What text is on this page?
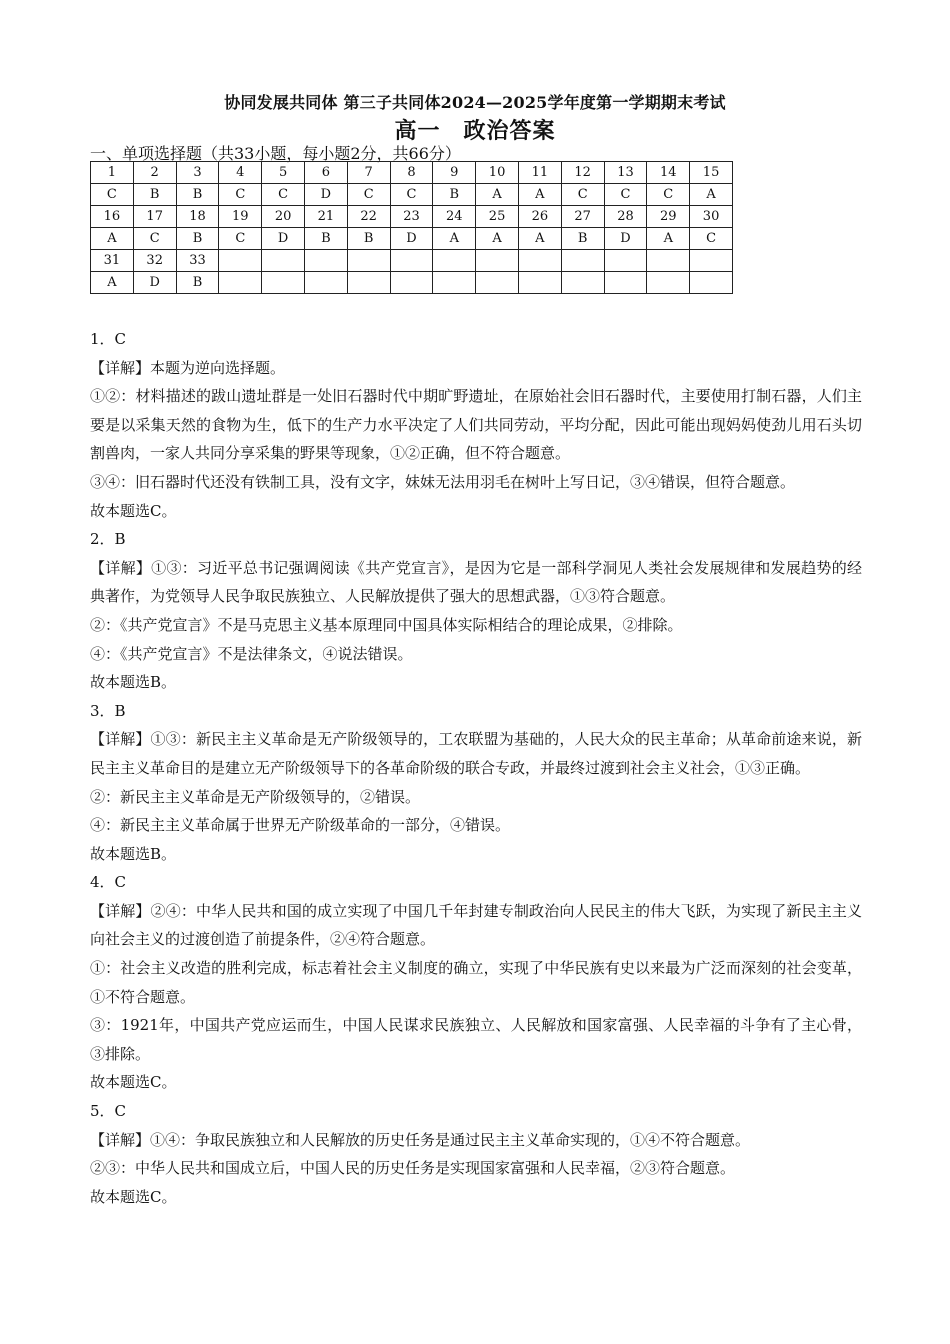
协同发展共同体 第三子共同体2024—2025学年度第一学期期末考试
高一　政治答案
一、单项选择题（共33小题，每小题2分，共66分）
1	2	3	4	5	6	7	8	9	10	11	12	13	14	15
C	B	B	C	C	D	C	C	B	A	A	C	C	C	A
16	17	18	19	20	21	22	23	24	25	26	27	28	29	30
A	C	B	C	D	B	B	D	A	A	A	B	D	A	C
31	32	33												
A	D	B												

1．C

【详解】本题为逆向选择题。

①②：材料描述的跋山遗址群是一处旧石器时代中期旷野遗址，在原始社会旧石器时代，主要使用打制石器，人们主要是以采集天然的食物为生，低下的生产力水平决定了人们共同劳动，平均分配，因此可能出现妈妈使劲儿用石头切割兽肉，一家人共同分享采集的野果等现象，①②正确，但不符合题意。

③④：旧石器时代还没有铁制工具，没有文字，妹妹无法用羽毛在树叶上写日记，③④错误，但符合题意。

故本题选C。

2．B

【详解】①③：习近平总书记强调阅读《共产党宣言》，是因为它是一部科学洞见人类社会发展规律和发展趋势的经典著作，为党领导人民争取民族独立、人民解放提供了强大的思想武器，①③符合题意。

②：《共产党宣言》不是马克思主义基本原理同中国具体实际相结合的理论成果，②排除。

④：《共产党宣言》不是法律条文，④说法错误。

故本题选B。

3．B

【详解】①③：新民主主义革命是无产阶级领导的，工农联盟为基础的，人民大众的民主革命；从革命前途来说，新民主主义革命目的是建立无产阶级领导下的各革命阶级的联合专政，并最终过渡到社会主义社会，①③正确。

②：新民主主义革命是无产阶级领导的，②错误。

④：新民主主义革命属于世界无产阶级革命的一部分，④错误。

故本题选B。

4．C

【详解】②④：中华人民共和国的成立实现了中国几千年封建专制政治向人民民主的伟大飞跃，为实现了新民主主义向社会主义的过渡创造了前提条件，②④符合题意。

①：社会主义改造的胜利完成，标志着社会主义制度的确立，实现了中华民族有史以来最为广泛而深刻的社会变革，①不符合题意。

③：1921年，中国共产党应运而生，中国人民谋求民族独立、人民解放和国家富强、人民幸福的斗争有了主心骨，③排除。

故本题选C。

5．C

【详解】①④：争取民族独立和人民解放的历史任务是通过民主主义革命实现的，①④不符合题意。

②③：中华人民共和国成立后，中国人民的历史任务是实现国家富强和人民幸福，②③符合题意。

故本题选C。
